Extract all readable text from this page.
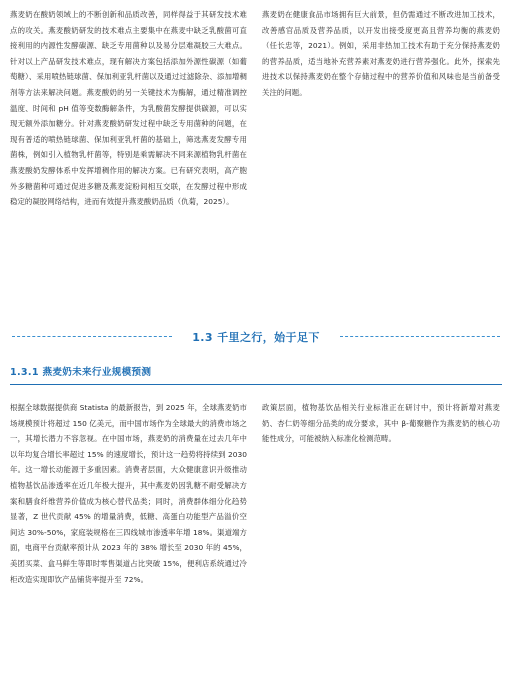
燕麦奶在酸奶领域上的不断创新和品质改善，同样得益于其研发技术难点的攻关。燕麦酸奶研发的技术难点主要集中在燕麦中缺乏乳酸菌可直接利用的内源性发酵碳源、缺乏专用菌种以及易分层难凝胶三大难点。针对以上产品研发技术难点，现有解决方案包括添加外源性碳源（如葡萄糖）、采用喷热链球菌、保加利亚乳杆菌以及通过过滤除杂、添加增稠剂等方法来解决问题。燕麦酸奶的另一关键技术为酶解，通过精准调控温度、时间和 pH 值等变数酶解条件，为乳酸菌发酵提供碳源，可以实现无额外添加糖分。针对燕麦酸奶研发过程中缺乏专用菌种的问题，在现有普适的喷热链球菌、保加利亚乳杆菌的基础上，筛选燕麦发酵专用菌株，例如引入植物乳杆菌等，特别是乘需解决不同来源植物乳杆菌在燕麦酸奶发酵体系中发挥增稠作用的解决方案。已有研究表明，高产胞外多糖菌种可通过促进多糖及燕麦淀粉间相互交联，在发酵过程中形成稳定的凝胶网络结构，进而有效提升燕麦酸奶品质（仇菊，2025）。

燕麦奶在健康食品市场拥有巨大前景，但仍需通过不断改进加工技术，改善感官品质及营养品质，以开发出接受度更高且营养均衡的燕麦奶（任长忠等，2021）。例如，采用非热加工技术有助于充分保持燕麦奶的营养品质，适当地补充营养素对燕麦奶进行营养强化。此外，探索先进技术以保持燕麦奶在整个存储过程中的营养价值和风味也是当前备受关注的问题。

1.3 千里之行，始于足下
1.3.1 燕麦奶未来行业规模预测

根据全球数据提供商 Statista 的最新报告，到 2025 年，全球燕麦奶市场规模预计将超过 150 亿美元，而中国市场作为全球最大的消费市场之一，其增长潜力不容忽视。在中国市场，燕麦奶的消费量在过去几年中以年均复合增长率超过 15% 的速度增长，预计这一趋势将持续到 2030 年。这一增长动能源于多重因素。消费者层面，大众健康意识升级推动植物基饮品渗透率在近几年极大提升，其中燕麦奶因乳糖不耐受解决方案和膳食纤维营养价值成为核心替代品类；同时，消费群体细分化趋势显著，Z 世代贡献 45% 的增量消费，低糖、高蛋白功能型产品溢价空间达 30%-50%，家庭装规格在三四线城市渗透率年增 18%。渠道端方面，电商平台贡献率预计从 2023 年的 38% 增长至 2030 年的 45%，美团买菜、盒马鲜生等即时零售渠道占比突破 15%，便利店系统通过冷柜改造实现即饮产品铺货率提升至 72%。

政策层面，植物基饮品相关行业标准正在研讨中，预计将新增对燕麦奶、杏仁奶等细分品类的成分要求，其中 β-葡聚糖作为燕麦奶的核心功能性成分，可能被纳入标准化检测范畴。
